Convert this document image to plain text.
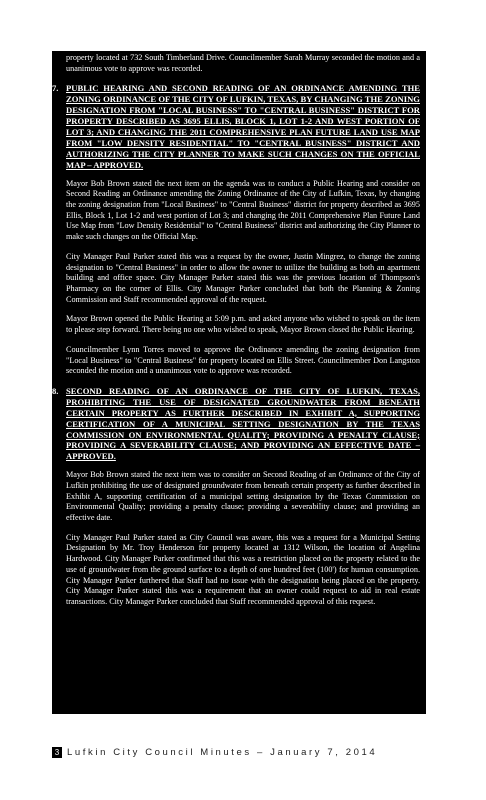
property located at 732 South Timberland Drive. Councilmember Sarah Murray seconded the motion and a unanimous vote to approve was recorded.

7. PUBLIC HEARING AND SECOND READING OF AN ORDINANCE AMENDING THE ZONING ORDINANCE OF THE CITY OF LUFKIN, TEXAS, BY CHANGING THE ZONING DESIGNATION FROM "LOCAL BUSINESS" TO "CENTRAL BUSINESS" DISTRICT FOR PROPERTY DESCRIBED AS 3695 ELLIS, BLOCK 1, LOT 1-2 AND WEST PORTION OF LOT 3; AND CHANGING THE 2011 COMPREHENSIVE PLAN FUTURE LAND USE MAP FROM "LOW DENSITY RESIDENTIAL" TO "CENTRAL BUSINESS" DISTRICT AND AUTHORIZING THE CITY PLANNER TO MAKE SUCH CHANGES ON THE OFFICIAL MAP – APPROVED.

Mayor Bob Brown stated the next item on the agenda was to conduct a Public Hearing and consider on Second Reading an Ordinance amending the Zoning Ordinance of the City of Lufkin, Texas, by changing the zoning designation from "Local Business" to "Central Business" district for property described as 3695 Ellis, Block 1, Lot 1-2 and west portion of Lot 3; and changing the 2011 Comprehensive Plan Future Land Use Map from "Low Density Residential" to "Central Business" district and authorizing the City Planner to make such changes on the Official Map.

City Manager Paul Parker stated this was a request by the owner, Justin Mingrez, to change the zoning designation to "Central Business" in order to allow the owner to utilize the building as both an apartment building and office space. City Manager Parker stated this was the previous location of Thompson's Pharmacy on the corner of Ellis. City Manager Parker concluded that both the Planning & Zoning Commission and Staff recommended approval of the request.

Mayor Brown opened the Public Hearing at 5:09 p.m. and asked anyone who wished to speak on the item to please step forward. There being no one who wished to speak, Mayor Brown closed the Public Hearing.

Councilmember Lynn Torres moved to approve the Ordinance amending the zoning designation from "Local Business" to "Central Business" for property located on Ellis Street. Councilmember Don Langston seconded the motion and a unanimous vote to approve was recorded.

8. SECOND READING OF AN ORDINANCE OF THE CITY OF LUFKIN, TEXAS, PROHIBITING THE USE OF DESIGNATED GROUNDWATER FROM BENEATH CERTAIN PROPERTY AS FURTHER DESCRIBED IN EXHIBIT A, SUPPORTING CERTIFICATION OF A MUNICIPAL SETTING DESIGNATION BY THE TEXAS COMMISSION ON ENVIRONMENTAL QUALITY; PROVIDING A PENALTY CLAUSE; PROVIDING A SEVERABILITY CLAUSE; AND PROVIDING AN EFFECTIVE DATE – APPROVED.

Mayor Bob Brown stated the next item was to consider on Second Reading of an Ordinance of the City of Lufkin prohibiting the use of designated groundwater from beneath certain property as further described in Exhibit A, supporting certification of a municipal setting designation by the Texas Commission on Environmental Quality; providing a penalty clause; providing a severability clause; and providing an effective date.

City Manager Paul Parker stated as City Council was aware, this was a request for a Municipal Setting Designation by Mr. Troy Henderson for property located at 1312 Wilson, the location of Angelina Hardwood. City Manager Parker confirmed that this was a restriction placed on the property related to the use of groundwater from the ground surface to a depth of one hundred feet (100') for human consumption. City Manager Parker furthered that Staff had no issue with the designation being placed on the property. City Manager Parker stated this was a requirement that an owner could request to aid in real estate transactions. City Manager Parker concluded that Staff recommended approval of this request.

3 Lufkin City Council Minutes – January 7, 2014
